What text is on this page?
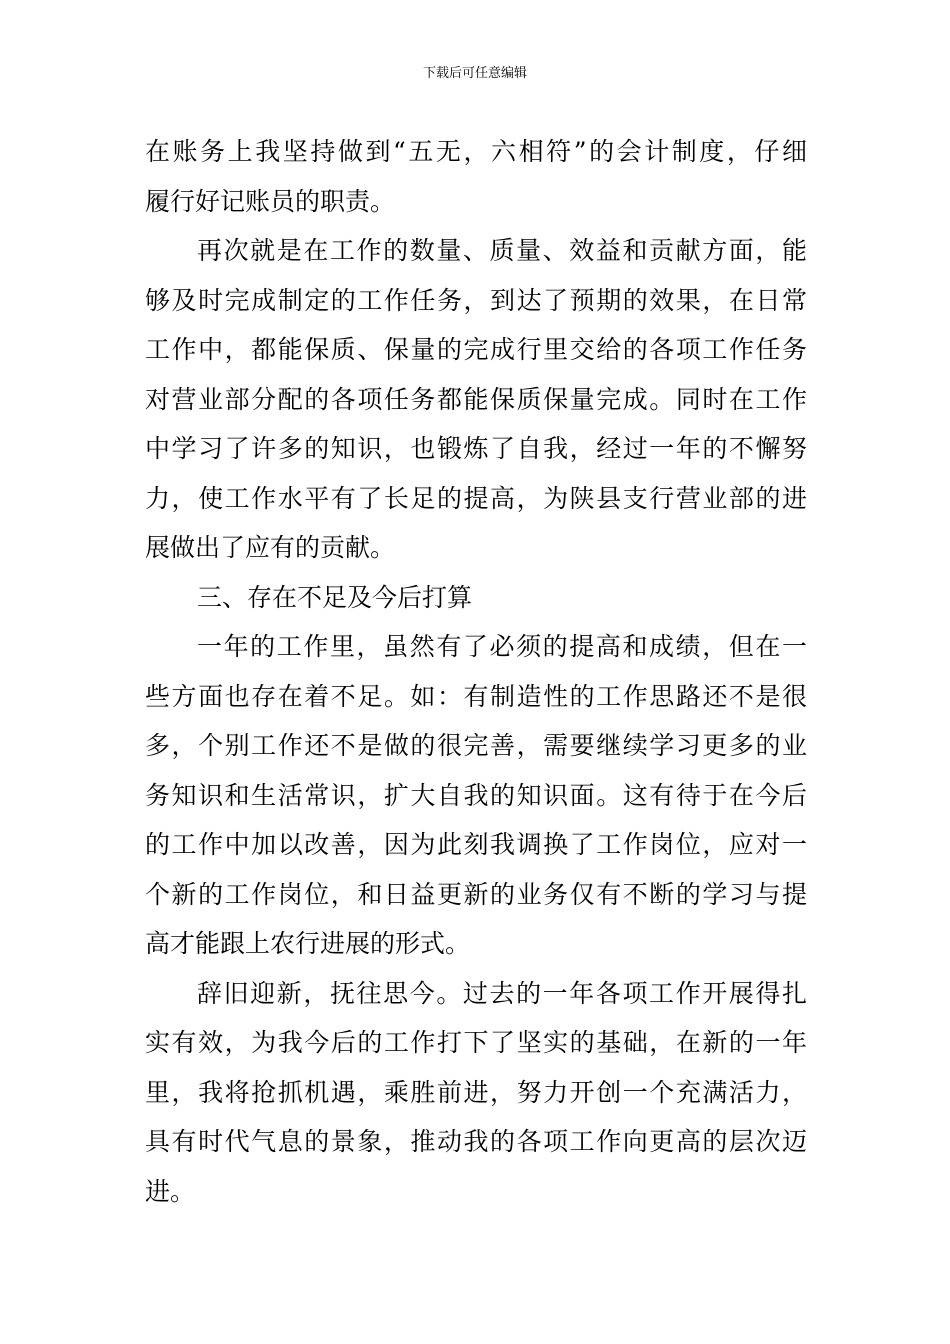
下载后可任意编辑
在账务上我坚持做到“五无，六相符”的会计制度，仔细
履行好记账员的职责。
再次就是在工作的数量、质量、效益和贡献方面，能
够及时完成制定的工作任务，到达了预期的效果，在日常
工作中，都能保质、保量的完成行里交给的各项工作任务
对营业部分配的各项任务都能保质保量完成。同时在工作
中学习了许多的知识，也锻炼了自我，经过一年的不懈努
力，使工作水平有了长足的提高，为陕县支行营业部的进
展做出了应有的贡献。
三、存在不足及今后打算
一年的工作里，虽然有了必须的提高和成绩，但在一
些方面也存在着不足。如：有制造性的工作思路还不是很
多，个别工作还不是做的很完善，需要继续学习更多的业
务知识和生活常识，扩大自我的知识面。这有待于在今后
的工作中加以改善，因为此刻我调换了工作岗位，应对一
个新的工作岗位，和日益更新的业务仅有不断的学习与提
高才能跟上农行进展的形式。
辞旧迎新，抚往思今。过去的一年各项工作开展得扎
实有效，为我今后的工作打下了坚实的基础，在新的一年
里，我将抢抓机遇，乘胜前进，努力开创一个充满活力，
具有时代气息的景象，推动我的各项工作向更高的层次迈
进。
